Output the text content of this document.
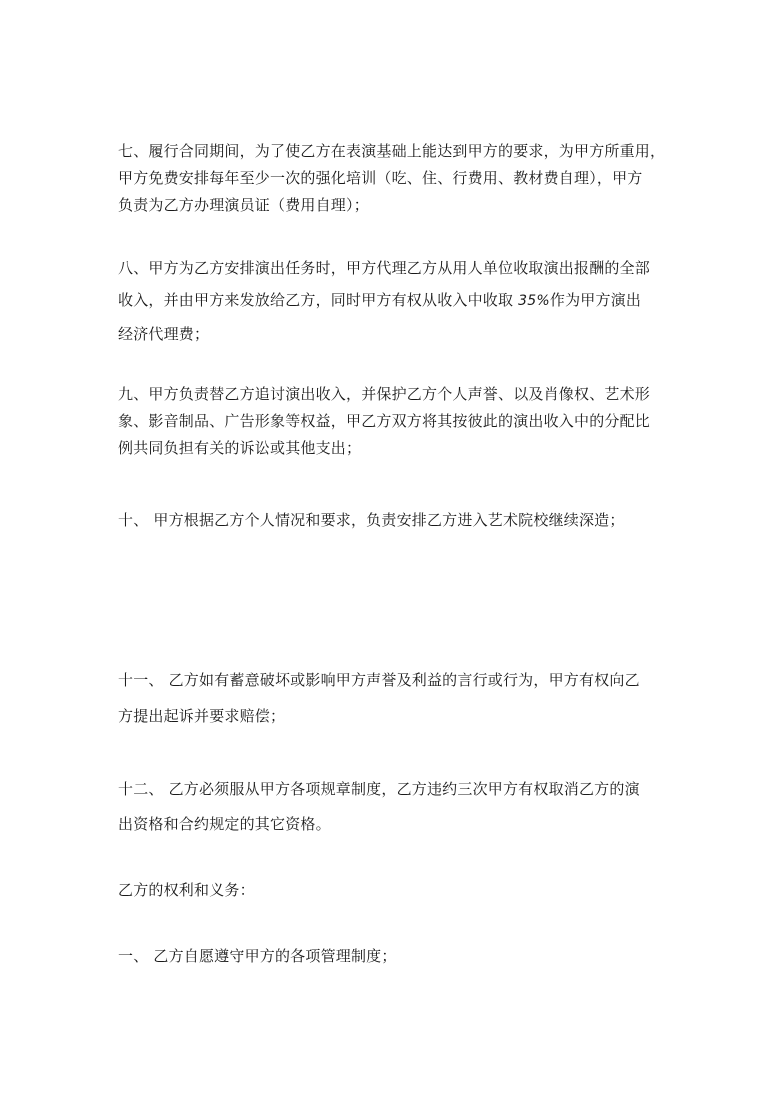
七、履行合同期间，为了使乙方在表演基础上能达到甲方的要求，为甲方所重用，
甲方免费安排每年至少一次的强化培训（吃、住、行费用、教材费自理），甲方
负责为乙方办理演员证（费用自理）；
八、甲方为乙方安排演出任务时，甲方代理乙方从用人单位收取演出报酬的全部
收入，并由甲方来发放给乙方，同时甲方有权从收入中收取 35%作为甲方演出
经济代理费；
九、甲方负责替乙方追讨演出收入，并保护乙方个人声誉、以及肖像权、艺术形
象、影音制品、广告形象等权益，甲乙方双方将其按彼此的演出收入中的分配比
例共同负担有关的诉讼或其他支出；
十、 甲方根据乙方个人情况和要求，负责安排乙方进入艺术院校继续深造；
十一、 乙方如有蓄意破坏或影响甲方声誉及利益的言行或行为，甲方有权向乙
方提出起诉并要求赔偿；
十二、 乙方必须服从甲方各项规章制度，乙方违约三次甲方有权取消乙方的演
出资格和合约规定的其它资格。
乙方的权利和义务：
一、 乙方自愿遵守甲方的各项管理制度；
